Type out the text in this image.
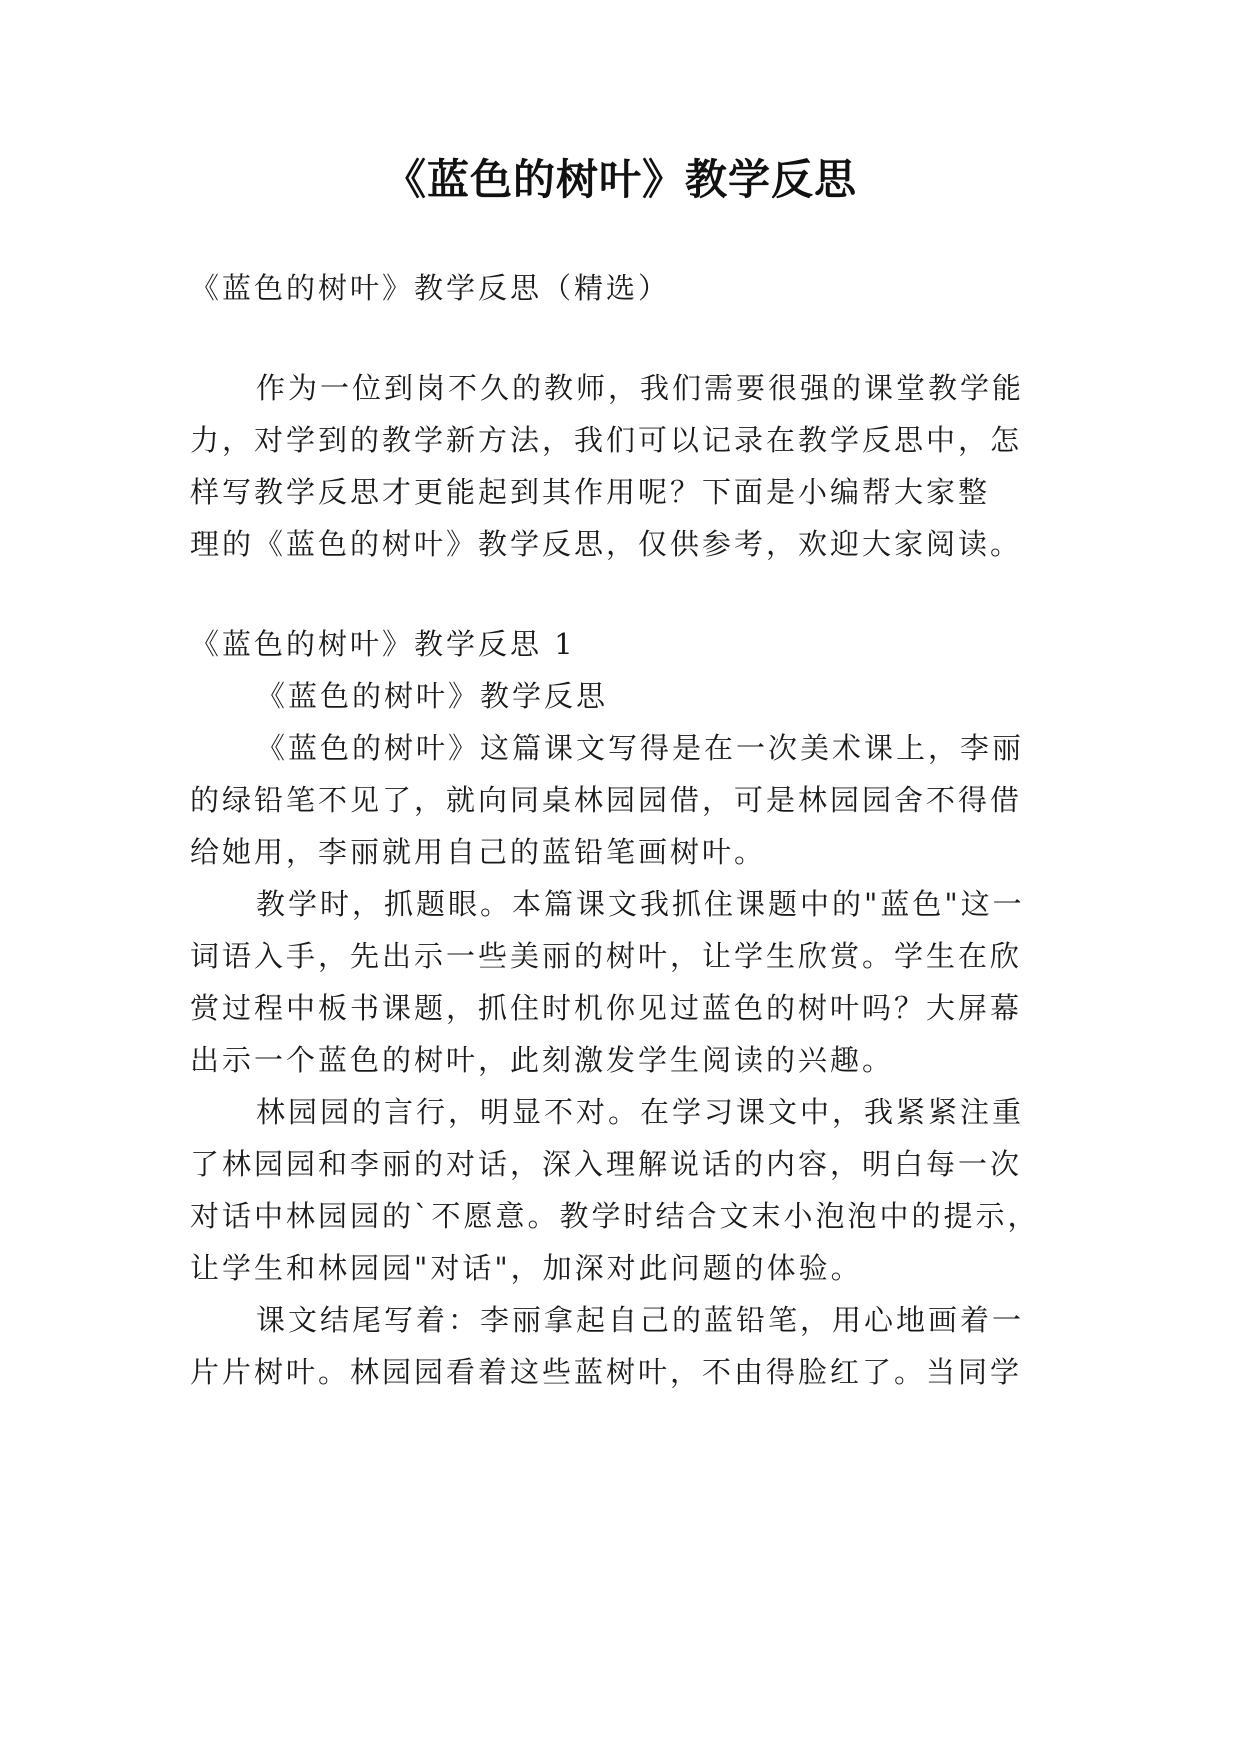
《蓝色的树叶》教学反思
《蓝色的树叶》教学反思（精选）
作为一位到岗不久的教师，我们需要很强的课堂教学能
力，对学到的教学新方法，我们可以记录在教学反思中，怎
样写教学反思才更能起到其作用呢？下面是小编帮大家整
理的《蓝色的树叶》教学反思，仅供参考，欢迎大家阅读。
《蓝色的树叶》教学反思 1
《蓝色的树叶》教学反思
《蓝色的树叶》这篇课文写得是在一次美术课上，李丽
的绿铅笔不见了，就向同桌林园园借，可是林园园舍不得借
给她用，李丽就用自己的蓝铅笔画树叶。
教学时，抓题眼。本篇课文我抓住课题中的"蓝色"这一
词语入手，先出示一些美丽的树叶，让学生欣赏。学生在欣
赏过程中板书课题，抓住时机你见过蓝色的树叶吗？大屏幕
出示一个蓝色的树叶，此刻激发学生阅读的兴趣。
林园园的言行，明显不对。在学习课文中，我紧紧注重
了林园园和李丽的对话，深入理解说话的内容，明白每一次
对话中林园园的`不愿意。教学时结合文末小泡泡中的提示，
让学生和林园园"对话"，加深对此问题的体验。
课文结尾写着：李丽拿起自己的蓝铅笔，用心地画着一
片片树叶。林园园看着这些蓝树叶，不由得脸红了。当同学
